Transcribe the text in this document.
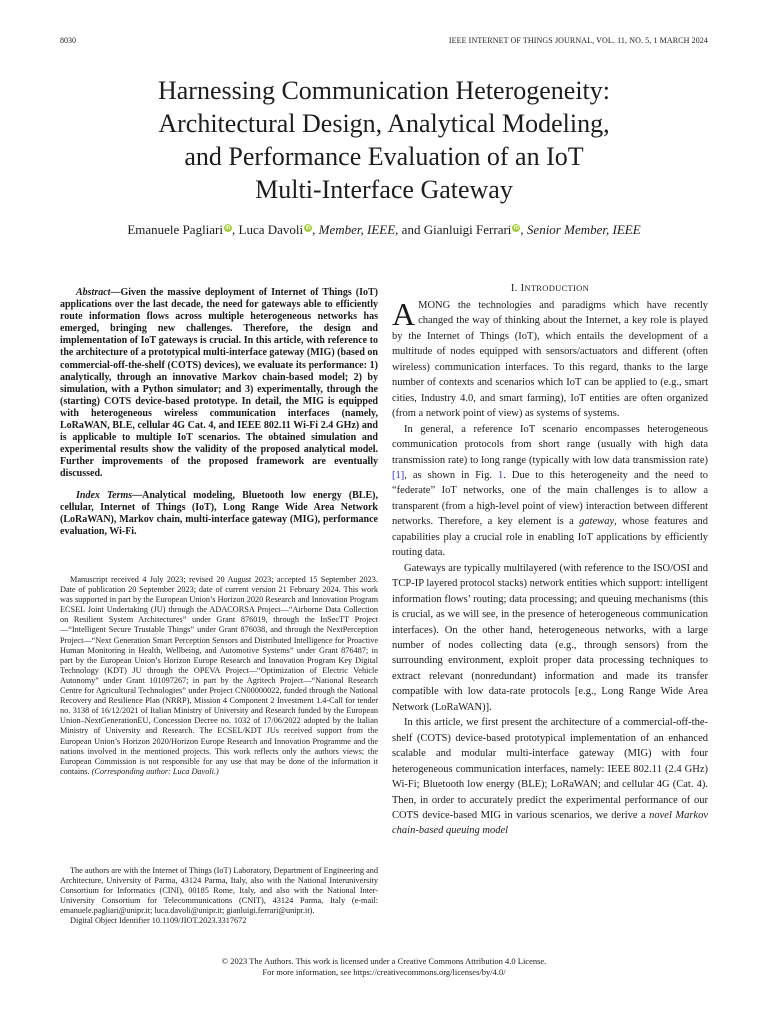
8030	IEEE INTERNET OF THINGS JOURNAL, VOL. 11, NO. 5, 1 MARCH 2024
Harnessing Communication Heterogeneity:
Architectural Design, Analytical Modeling,
and Performance Evaluation of an IoT
Multi-Interface Gateway
Emanuele Pagliari iD , Luca Davoli iD , Member, IEEE, and Gianluigi Ferrari iD , Senior Member, IEEE

Abstract—Given the massive deployment of Internet of Things (IoT) applications over the last decade, the need for gateways able to efficiently route information flows across multiple heterogeneous networks has emerged, bringing new challenges. Therefore, the design and implementation of IoT gateways is crucial. In this article, with reference to the architecture of a prototypical multi-interface gateway (MIG) (based on commercial-off-the-shelf (COTS) devices), we evaluate its performance: 1) analytically, through an innovative Markov chain-based model; 2) by simulation, with a Python simulator; and 3) experimentally, through the (starting) COTS device-based prototype. In detail, the MIG is equipped with heterogeneous wireless communication interfaces (namely, LoRaWAN, BLE, cellular 4G Cat. 4, and IEEE 802.11 Wi-Fi 2.4 GHz) and is applicable to multiple IoT scenarios. The obtained simulation and experimental results show the validity of the proposed analytical model. Further improvements of the proposed framework are eventually discussed.

Index Terms—Analytical modeling, Bluetooth low energy (BLE), cellular, Internet of Things (IoT), Long Range Wide Area Network (LoRaWAN), Markov chain, multi-interface gateway (MIG), performance evaluation, Wi-Fi.

Manuscript received 4 July 2023; revised 20 August 2023; accepted 15 September 2023. Date of publication 20 September 2023; date of current version 21 February 2024. This work was supported in part by the European Union’s Horizon 2020 Research and Innovation Program ECSEL Joint Undertaking (JU) through the ADACORSA Project—“Airborne Data Collection on Resilient System Architectures” under Grant 876019, through the InSecTT Project—“Intelligent Secure Trustable Things” under Grant 876038, and through the NextPerception Project—“Next Generation Smart Perception Sensors and Distributed Intelligence for Proactive Human Monitoring in Health, Wellbeing, and Automotive Systems” under Grant 876487; in part by the European Union’s Horizon Europe Research and Innovation Program Key Digital Technology (KDT) JU through the OPEVA Project—“Optimization of Electric Vehicle Autonomy” under Grant 101097267; in part by the Agritech Project—“National Research Centre for Agricultural Technologies” under Project CN00000022, funded through the National Recovery and Resilience Plan (NRRP), Mission 4 Component 2 Investment 1.4-Call for tender no. 3138 of 16/12/2021 of Italian Ministry of University and Research funded by the European Union–NextGenerationEU, Concession Decree no. 1032 of 17/06/2022 adopted by the Italian Ministry of University and Research. The ECSEL/KDT JUs received support from the European Union’s Horizon 2020/Horizon Europe Research and Innovation Programme and the nations involved in the mentioned projects. This work reflects only the authors views; the European Commission is not responsible for any use that may be done of the information it contains. (Corresponding author: Luca Davoli.)

The authors are with the Internet of Things (IoT) Laboratory, Department of Engineering and Architecture, University of Parma, 43124 Parma, Italy, also with the National Interuniversity Consortium for Informatics (CINI), 00185 Rome, Italy, and also with the National Inter-University Consortium for Telecommunications (CNIT), 43124 Parma, Italy (e-mail: emanuele.pagliari@unipr.it; luca.davoli@unipr.it; gianluigi.ferrari@unipr.it).

Digital Object Identifier 10.1109/JIOT.2023.3317672

I. INTRODUCTION

AMONG the technologies and paradigms which have recently changed the way of thinking about the Internet, a key role is played by the Internet of Things (IoT), which entails the development of a multitude of nodes equipped with sensors/actuators and different (often wireless) communication interfaces. To this regard, thanks to the large number of contexts and scenarios which IoT can be applied to (e.g., smart cities, Industry 4.0, and smart farming), IoT entities are often organized (from a network point of view) as systems of systems.

In general, a reference IoT scenario encompasses heterogeneous communication protocols from short range (usually with high data transmission rate) to long range (typically with low data transmission rate) [1], as shown in Fig. 1. Due to this heterogeneity and the need to “federate” IoT networks, one of the main challenges is to allow a transparent (from a high-level point of view) interaction between different networks. Therefore, a key element is a gateway, whose features and capabilities play a crucial role in enabling IoT applications by efficiently routing data.

Gateways are typically multilayered (with reference to the ISO/OSI and TCP-IP layered protocol stacks) network entities which support: intelligent information flows’ routing; data processing; and queuing mechanisms (this is crucial, as we will see, in the presence of heterogeneous communication interfaces). On the other hand, heterogeneous networks, with a large number of nodes collecting data (e.g., through sensors) from the surrounding environment, exploit proper data processing techniques to extract relevant (nonredundant) information and made its transfer compatible with low data-rate protocols [e.g., Long Range Wide Area Network (LoRaWAN)].

In this article, we first present the architecture of a commercial-off-the-shelf (COTS) device-based prototypical implementation of an enhanced scalable and modular multi-interface gateway (MIG) with four heterogeneous communication interfaces, namely: IEEE 802.11 (2.4 GHz) Wi-Fi; Bluetooth low energy (BLE); LoRaWAN; and cellular 4G (Cat. 4). Then, in order to accurately predict the experimental performance of our COTS device-based MIG in various scenarios, we derive a novel Markov chain-based queuing model

© 2023 The Authors. This work is licensed under a Creative Commons Attribution 4.0 License.
For more information, see https://creativecommons.org/licenses/by/4.0/
